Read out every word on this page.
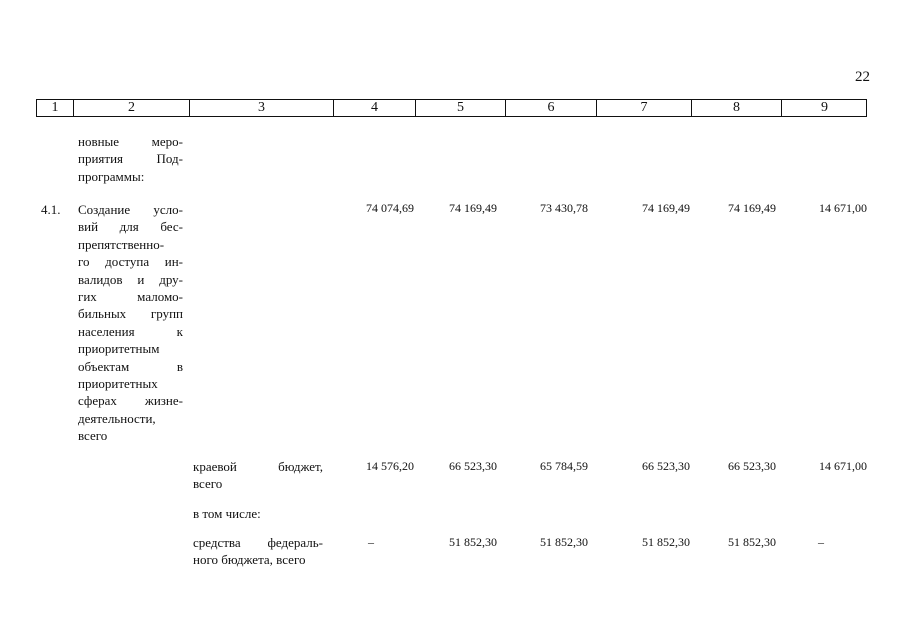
22
1	2	3	4	5	6	7	8	9
новные меро-
приятия Под-
программы:
4.1. Создание усло-
вий для бес-
препятственно-
го доступа ин-
валидов и дру-
гих маломо-
бильных групп
населения к
приоритетным
объектам в
приоритетных
сферах жизне-
деятельности,
всего
74 074,69	74 169,49	73 430,78	74 169,49	74 169,49	14 671,00
краевой бюджет,
всего
14 576,20	66 523,30	65 784,59	66 523,30	66 523,30	14 671,00
в том числе:
средства федераль-
ного бюджета, всего
–	51 852,30	51 852,30	51 852,30	51 852,30	–
